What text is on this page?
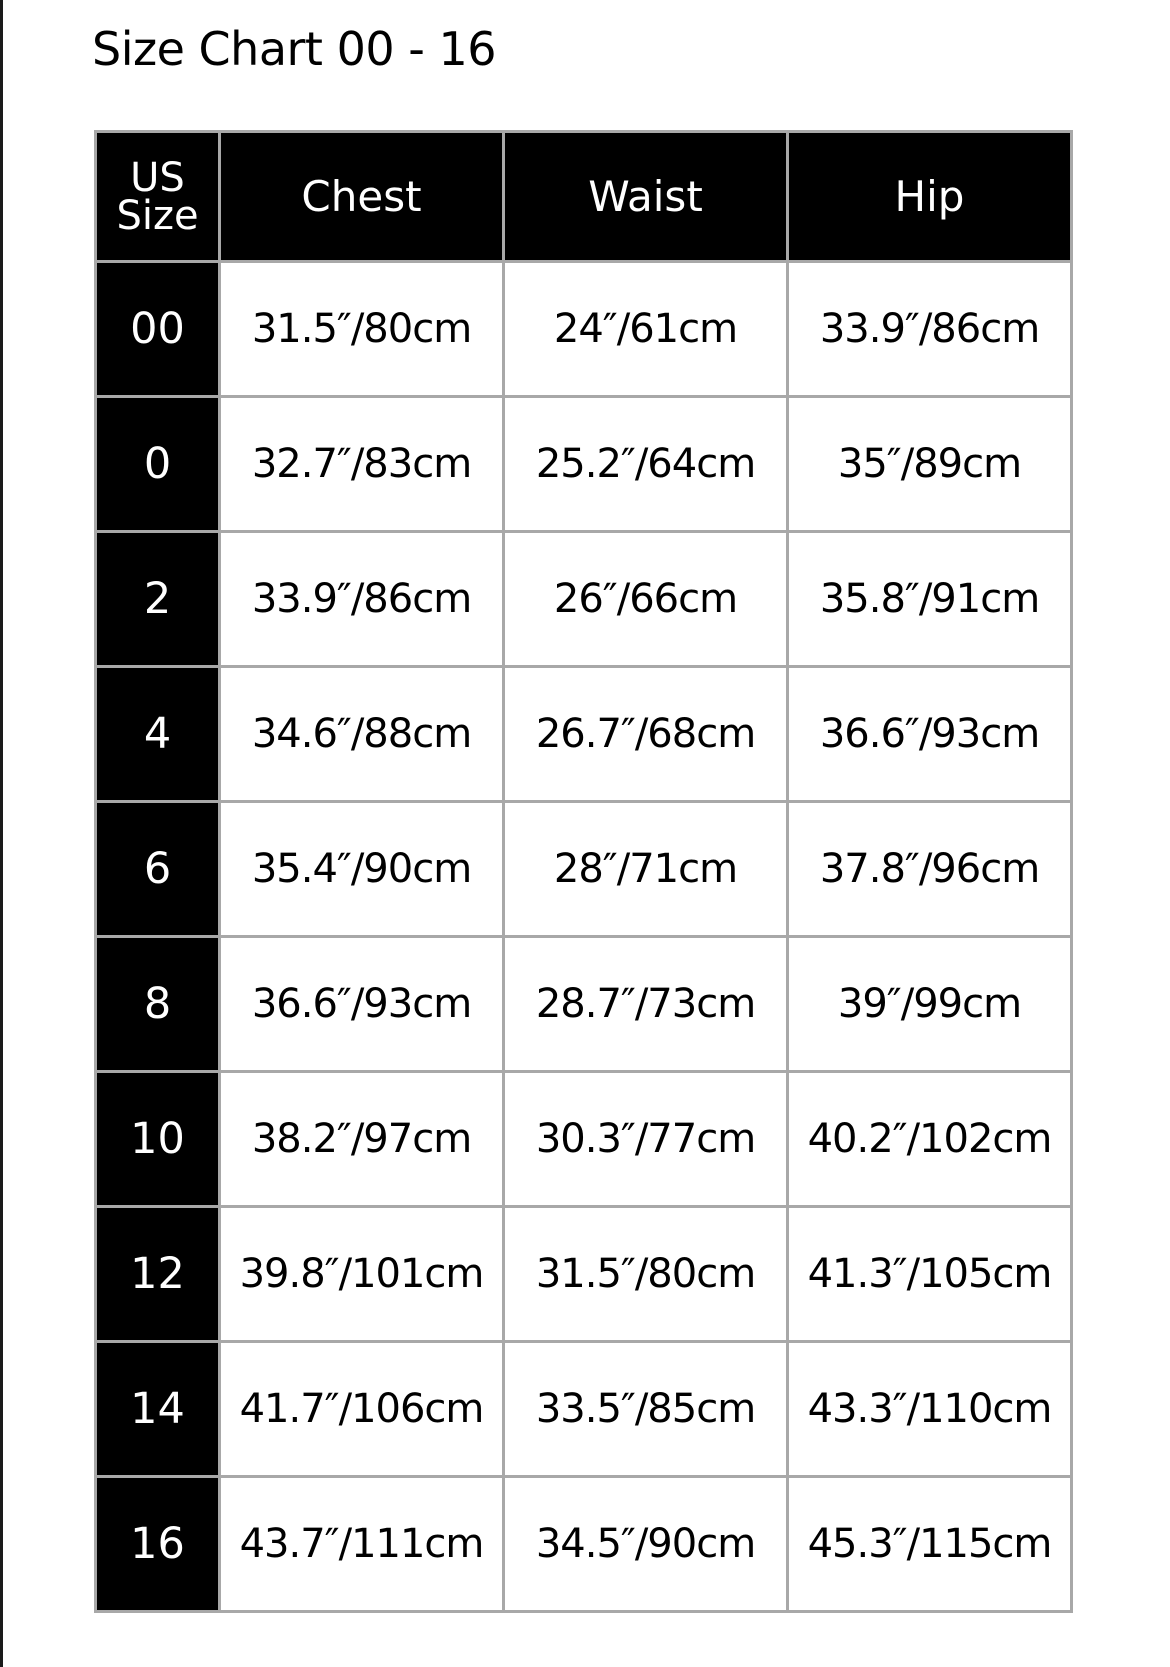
Size Chart 00 - 16
US
Size	Chest	Waist	Hip
00	31.5″/80cm	24″/61cm	33.9″/86cm
0	32.7″/83cm	25.2″/64cm	35″/89cm
2	33.9″/86cm	26″/66cm	35.8″/91cm
4	34.6″/88cm	26.7″/68cm	36.6″/93cm
6	35.4″/90cm	28″/71cm	37.8″/96cm
8	36.6″/93cm	28.7″/73cm	39″/99cm
10	38.2″/97cm	30.3″/77cm	40.2″/102cm
12	39.8″/101cm	31.5″/80cm	41.3″/105cm
14	41.7″/106cm	33.5″/85cm	43.3″/110cm
16	43.7″/111cm	34.5″/90cm	45.3″/115cm
